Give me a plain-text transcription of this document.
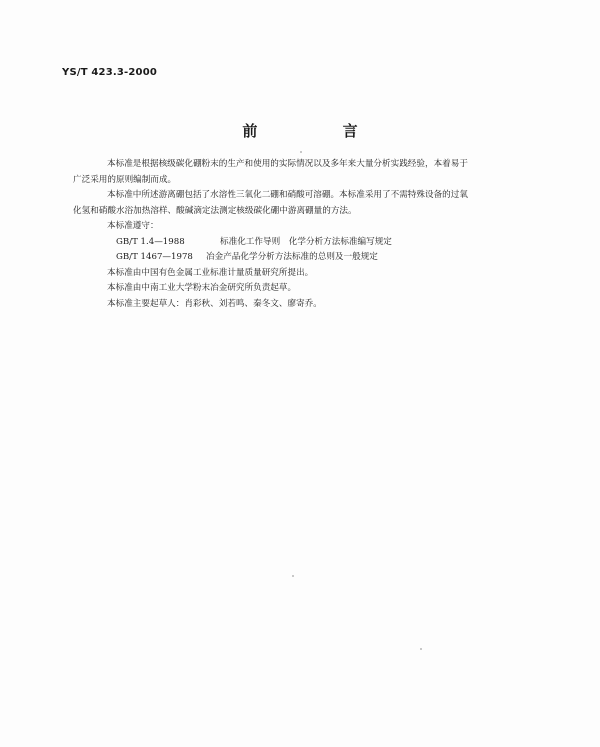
YS/T 423.3-2000
前 言

本标准是根据核级碳化硼粉末的生产和使用的实际情况以及多年来大量分析实践经验，本着易于

广泛采用的原则编制而成。

本标准中所述游离硼包括了水溶性三氧化二硼和硝酸可溶硼。本标准采用了不需特殊设备的过氧

化氢和硝酸水浴加热溶样、酸碱滴定法测定核级碳化硼中游离硼量的方法。

本标准遵守：

GB/T 1.4—1988	标准化工作导则　化学分析方法标准编写规定

GB/T 1467—1978 冶金产品化学分析方法标准的总则及一般规定

本标准由中国有色金属工业标准计量质量研究所提出。

本标准由中南工业大学粉末冶金研究所负责起草。

本标准主要起草人：肖彩秋、刘若鸣、秦冬文、廖寄乔。
